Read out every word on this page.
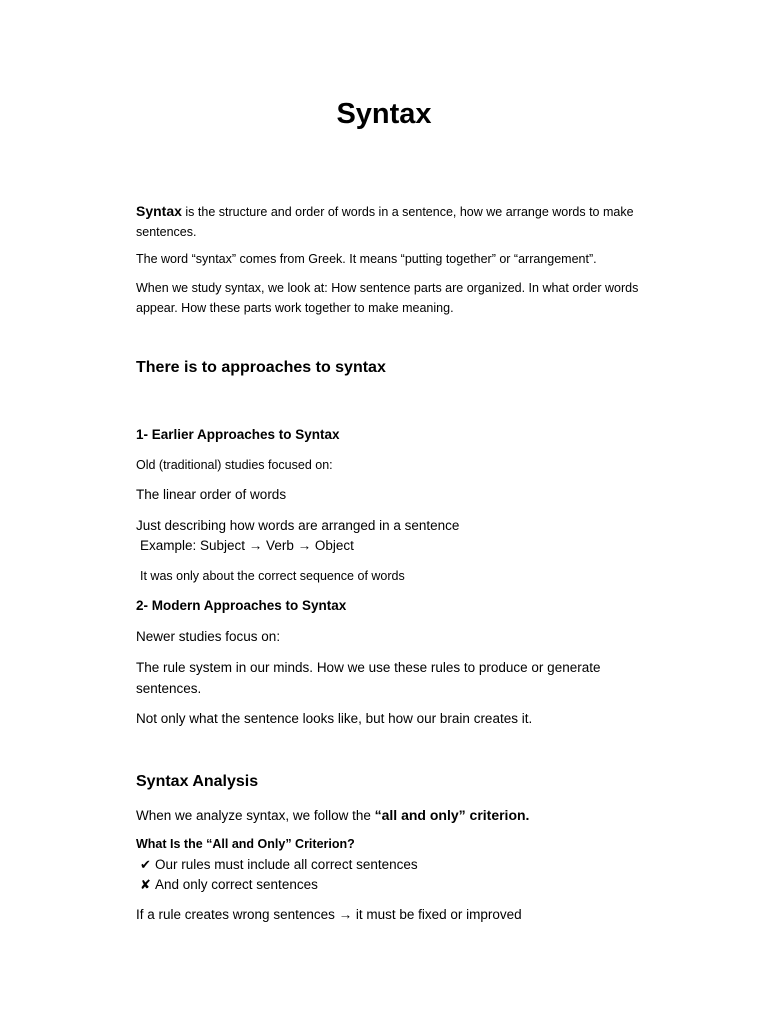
Syntax

Syntax is the structure and order of words in a sentence, how we arrange words to make sentences.

The word “syntax” comes from Greek. It means “putting together” or “arrangement”.

When we study syntax, we look at: How sentence parts are organized. In what order words appear. How these parts work together to make meaning.

There is to approaches to syntax
1- Earlier Approaches to Syntax

Old (traditional) studies focused on:

The linear order of words

Just describing how words are arranged in a sentence

Example: Subject → Verb → Object

It was only about the correct sequence of words

2- Modern Approaches to Syntax

Newer studies focus on:

The rule system in our minds. How we use these rules to produce or generate sentences.

Not only what the sentence looks like, but how our brain creates it.

Syntax Analysis

When we analyze syntax, we follow the “all and only” criterion.

What Is the “All and Only” Criterion?

✔ Our rules must include all correct sentences

✘ And only correct sentences

If a rule creates wrong sentences → it must be fixed or improved
